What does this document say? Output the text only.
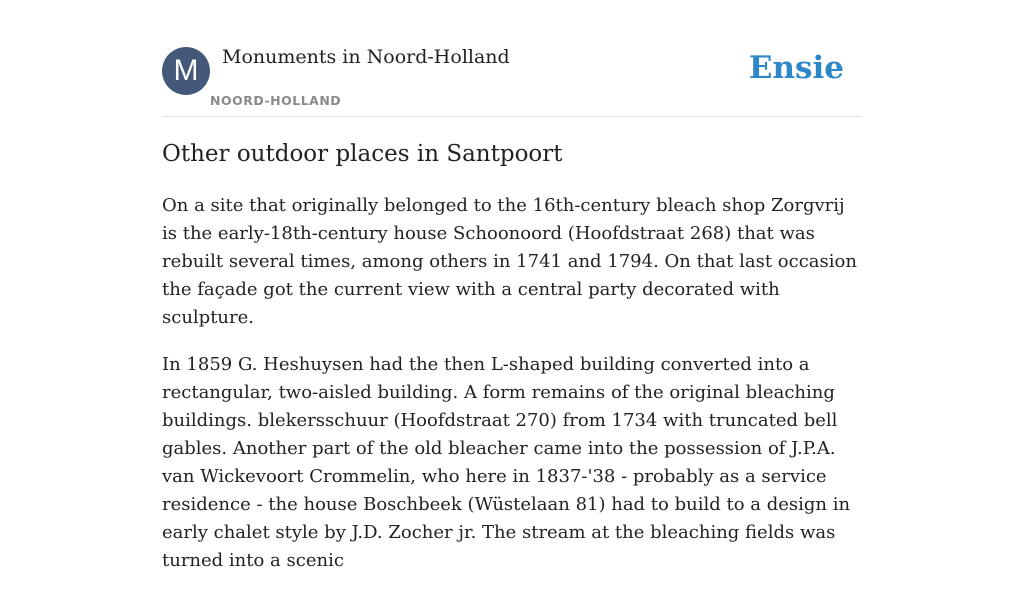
M	Monuments in Noord-Holland
NOORD-HOLLAND
Ensie
Other outdoor places in Santpoort

On a site that originally belonged to the 16th-century bleach shop Zorgvrij is the early-18th-century house Schoonoord (Hoofdstraat 268) that was rebuilt several times, among others in 1741 and 1794. On that last occasion the façade got the current view with a central party decorated with sculpture.

In 1859 G. Heshuysen had the then L-shaped building converted into a rectangular, two-aisled building. A form remains of the original bleaching buildings. blekersschuur (Hoofdstraat 270) from 1734 with truncated bell gables. Another part of the old bleacher came into the possession of J.P.A. van Wickevoort Crommelin, who here in 1837-'38 - probably as a service residence - the house Boschbeek (Wüstelaan 81) had to build to a design in early chalet style by J.D. Zocher jr. The stream at the bleaching fields was turned into a scenic
